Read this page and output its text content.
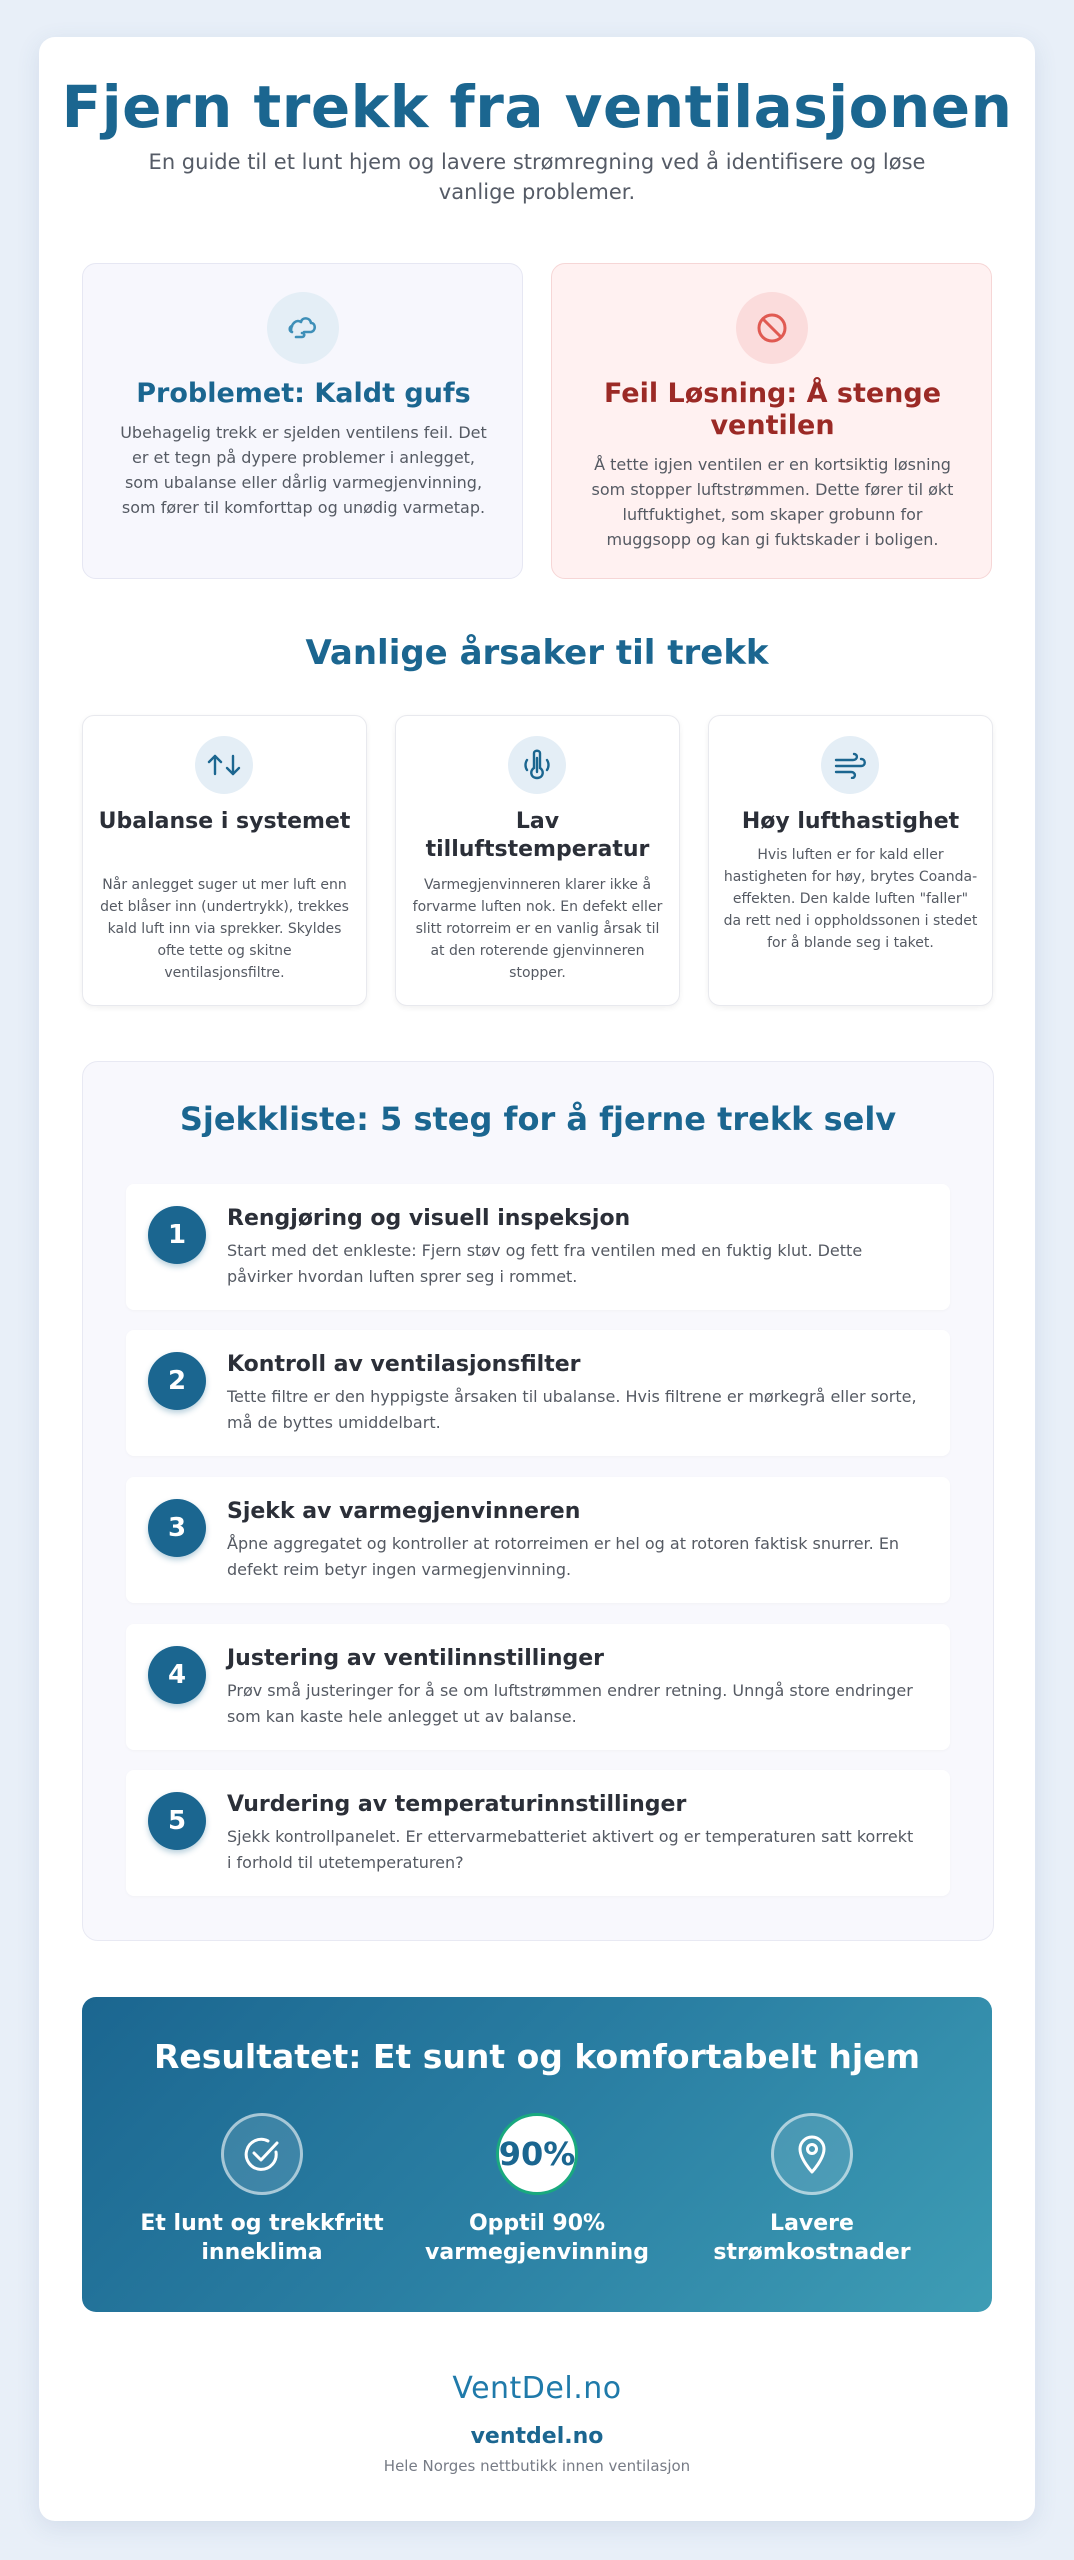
Fjern trekk fra ventilasjonen
En guide til et lunt hjem og lavere strømregning ved å identifisere og løse vanlige problemer.
Problemet: Kaldt gufs
Ubehagelig trekk er sjelden ventilens feil. Det er et tegn på dypere problemer i anlegget, som ubalanse eller dårlig varmegjenvinning, som fører til komforttap og unødig varmetap.
Feil Løsning: Å stenge ventilen
Å tette igjen ventilen er en kortsiktig løsning som stopper luftstrømmen. Dette fører til økt luftfuktighet, som skaper grobunn for muggsopp og kan gi fuktskader i boligen.
Vanlige årsaker til trekk
Ubalanse i systemet
Når anlegget suger ut mer luft enn det blåser inn (undertrykk), trekkes kald luft inn via sprekker. Skyldes ofte tette og skitne ventilasjonsfiltre.
Lav tilluftstemperatur
Varmegjenvinneren klarer ikke å forvarme luften nok. En defekt eller slitt rotorreim er en vanlig årsak til at den roterende gjenvinneren stopper.
Høy lufthastighet
Hvis luften er for kald eller hastigheten for høy, brytes Coanda-effekten. Den kalde luften "faller" da rett ned i oppholdssonen i stedet for å blande seg i taket.
Sjekkliste: 5 steg for å fjerne trekk selv
1
Rengjøring og visuell inspeksjon
Start med det enkleste: Fjern støv og fett fra ventilen med en fuktig klut. Dette påvirker hvordan luften sprer seg i rommet.
2
Kontroll av ventilasjonsfilter
Tette filtre er den hyppigste årsaken til ubalanse. Hvis filtrene er mørkegrå eller sorte, må de byttes umiddelbart.
3
Sjekk av varmegjenvinneren
Åpne aggregatet og kontroller at rotorreimen er hel og at rotoren faktisk snurrer. En defekt reim betyr ingen varmegjenvinning.
4
Justering av ventilinnstillinger
Prøv små justeringer for å se om luftstrømmen endrer retning. Unngå store endringer som kan kaste hele anlegget ut av balanse.
5
Vurdering av temperaturinnstillinger
Sjekk kontrollpanelet. Er ettervarmebatteriet aktivert og er temperaturen satt korrekt i forhold til utetemperaturen?
Resultatet: Et sunt og komfortabelt hjem
Et lunt og trekkfritt inneklima
90%
Opptil 90% varmegjenvinning
Lavere strømkostnader
VentDel.no
ventdel.no
Hele Norges nettbutikk innen ventilasjon
